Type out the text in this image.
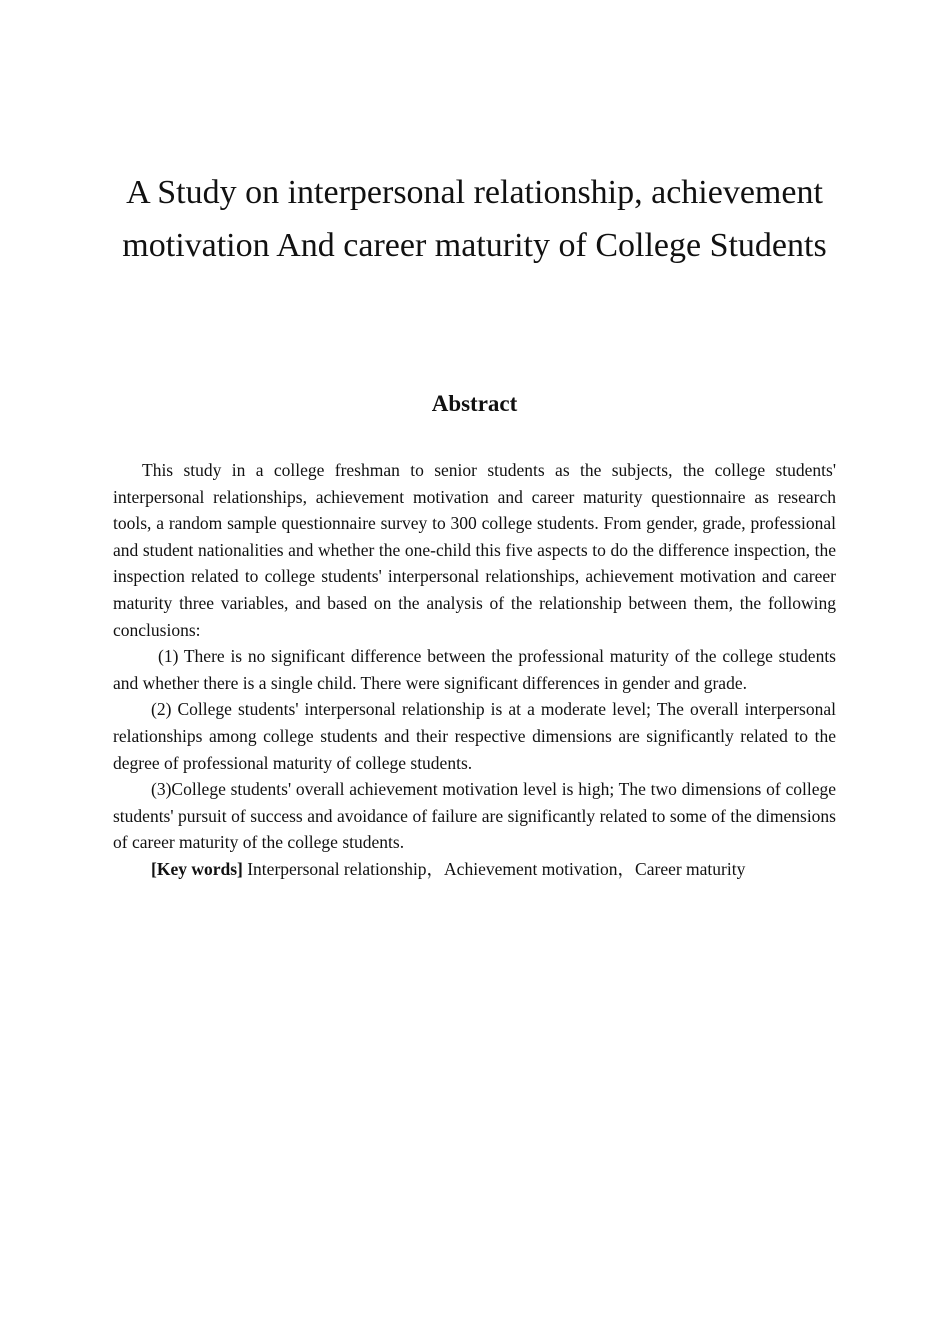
A Study on interpersonal relationship, achievement motivation And career maturity of College Students
Abstract

This study in a college freshman to senior students as the subjects, the college students' interpersonal relationships, achievement motivation and career maturity questionnaire as research tools, a random sample questionnaire survey to 300 college students. From gender, grade, professional and student nationalities and whether the one-child this five aspects to do the difference inspection, the inspection related to college students' interpersonal relationships, achievement motivation and career maturity three variables, and based on the analysis of the relationship between them, the following conclusions:

(1) There is no significant difference between the professional maturity of the college students and whether there is a single child. There were significant differences in gender and grade.

(2) College students' interpersonal relationship is at a moderate level; The overall interpersonal relationships among college students and their respective dimensions are significantly related to the degree of professional maturity of college students.

(3)College students' overall achievement motivation level is high; The two dimensions of college students' pursuit of success and avoidance of failure are significantly related to some of the dimensions of career maturity of the college students.

[Key words] Interpersonal relationship，Achievement motivation，Career maturity
